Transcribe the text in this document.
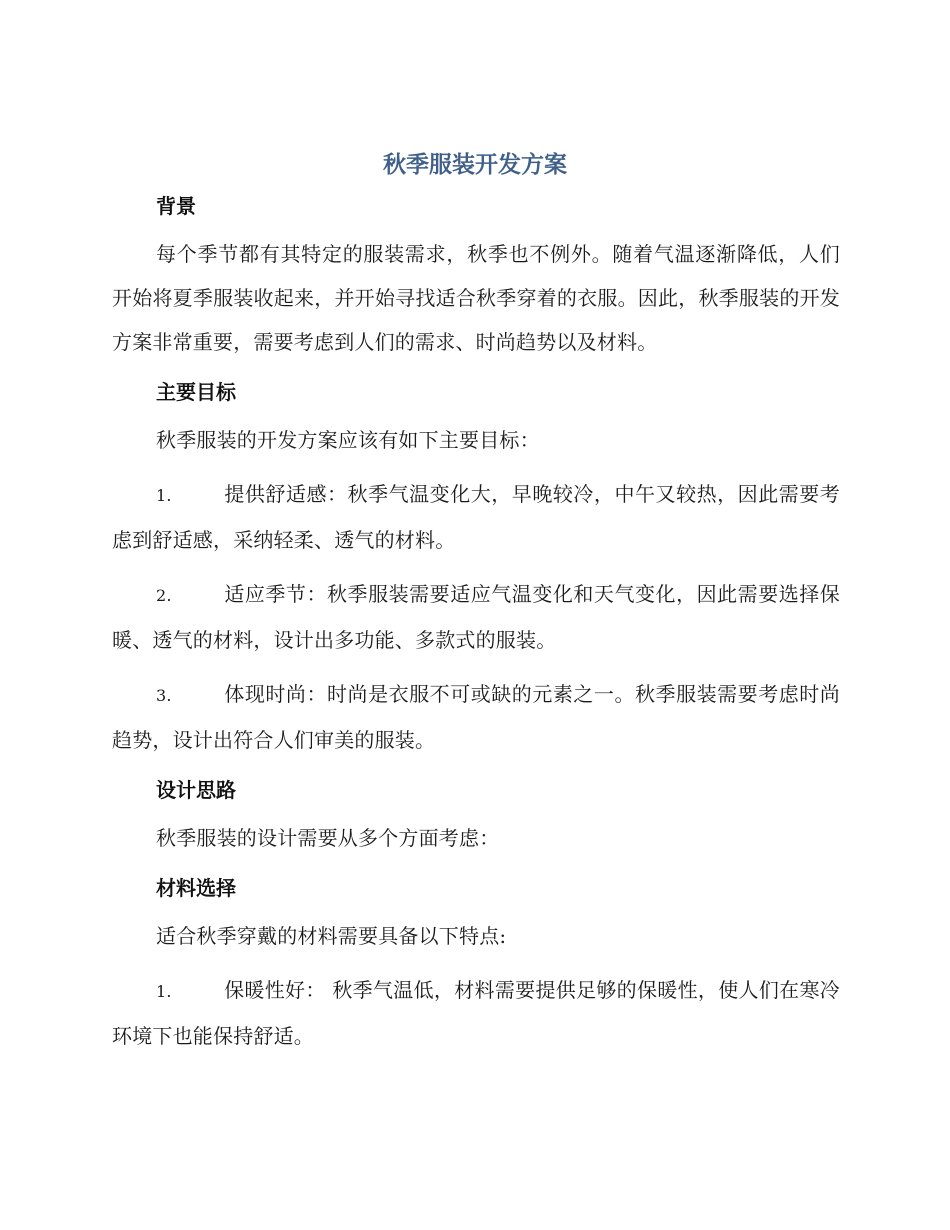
秋季服装开发方案
背景

每个季节都有其特定的服装需求，秋季也不例外。随着气温逐渐降低，人们开始将夏季服装收起来，并开始寻找适合秋季穿着的衣服。因此，秋季服装的开发方案非常重要，需要考虑到人们的需求、时尚趋势以及材料。

主要目标

秋季服装的开发方案应该有如下主要目标：

1.	提供舒适感：秋季气温变化大，早晚较冷，中午又较热，因此需要考虑到舒适感，采纳轻柔、透气的材料。

2.	适应季节：秋季服装需要适应气温变化和天气变化，因此需要选择保暖、透气的材料，设计出多功能、多款式的服装。

3.	体现时尚：时尚是衣服不可或缺的元素之一。秋季服装需要考虑时尚趋势，设计出符合人们审美的服装。

设计思路

秋季服装的设计需要从多个方面考虑：

材料选择

适合秋季穿戴的材料需要具备以下特点:

1.	保暖性好： 秋季气温低，材料需要提供足够的保暖性，使人们在寒冷环境下也能保持舒适。
